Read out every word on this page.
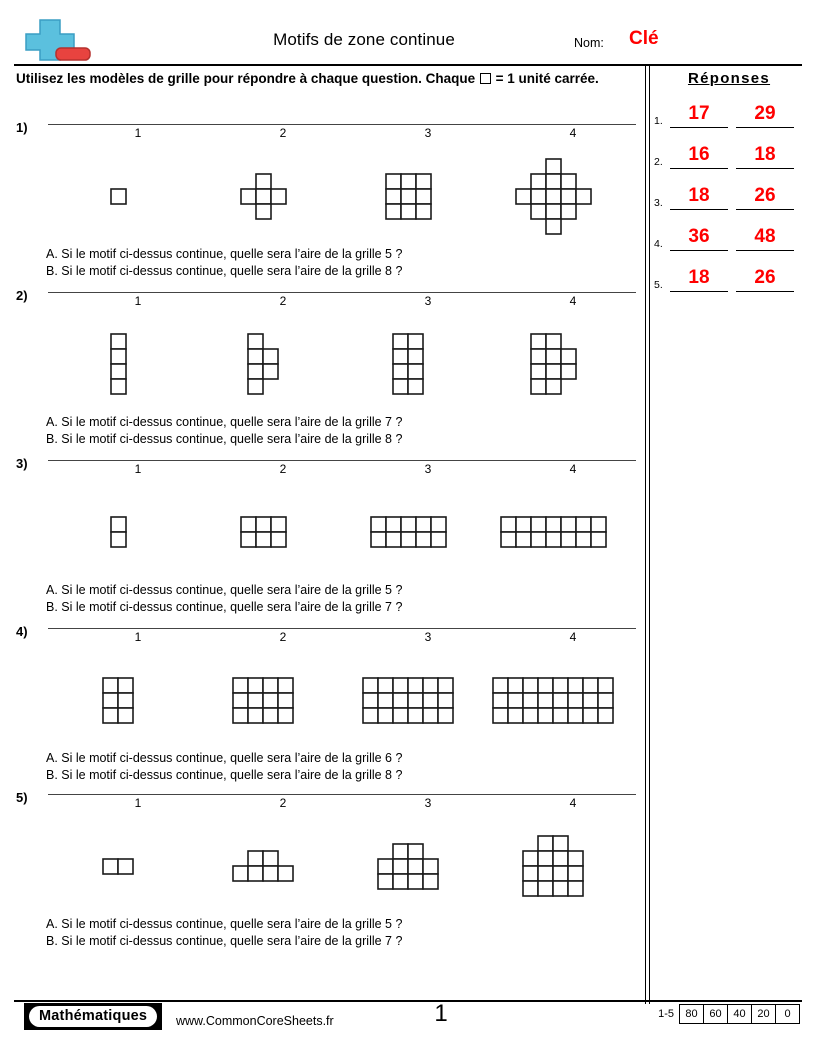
Motifs de zone continue	Nom: Clé
Utilisez les modèles de grille pour répondre à chaque question. Chaque  = 1 unité carrée.	Réponses
1.	17	29
2.	16	18
3.	18	26
4.	36	48
5.	18	26
1)	1	2	3	4
A. Si le motif ci-dessus continue, quelle sera l’aire de la grille 5 ?
B. Si le motif ci-dessus continue, quelle sera l’aire de la grille 8 ?
2)	1	2	3	4
A. Si le motif ci-dessus continue, quelle sera l’aire de la grille 7 ?
B. Si le motif ci-dessus continue, quelle sera l’aire de la grille 8 ?
3)	1	2	3	4
A. Si le motif ci-dessus continue, quelle sera l’aire de la grille 5 ?
B. Si le motif ci-dessus continue, quelle sera l’aire de la grille 7 ?
4)	1	2	3	4
A. Si le motif ci-dessus continue, quelle sera l’aire de la grille 6 ?
B. Si le motif ci-dessus continue, quelle sera l’aire de la grille 8 ?
5)	1	2	3	4
A. Si le motif ci-dessus continue, quelle sera l’aire de la grille 5 ?
B. Si le motif ci-dessus continue, quelle sera l’aire de la grille 7 ?
Mathématiques	www.CommonCoreSheets.fr	1	1-5	80	60	40	20	0
